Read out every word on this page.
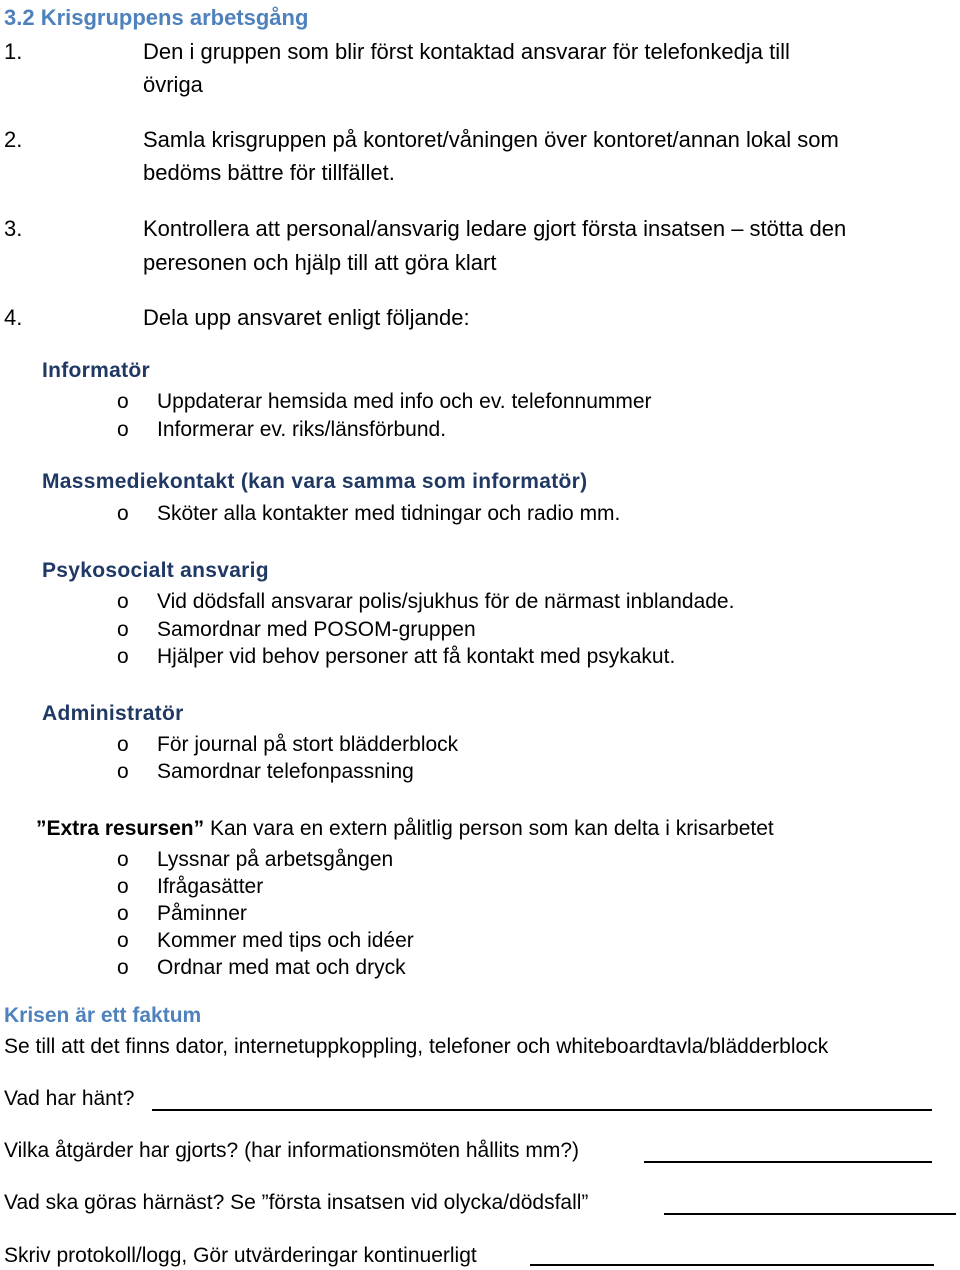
3.2 Krisgruppens arbetsgång
1.	Den i gruppen som blir först kontaktad ansvarar för telefonkedja till
övriga
2.	Samla krisgruppen på kontoret/våningen över kontoret/annan lokal som
bedöms bättre för tillfället.
3.	Kontrollera att personal/ansvarig ledare gjort första insatsen – stötta den
peresonen och hjälp till att göra klart
4.	Dela upp ansvaret enligt följande:
Informatör
o Uppdaterar hemsida med info och ev. telefonnummer
o Informerar ev. riks/länsförbund.
Massmediekontakt (kan vara samma som informatör)
o Sköter alla kontakter med tidningar och radio mm.
Psykosocialt ansvarig
o Vid dödsfall ansvarar polis/sjukhus för de närmast inblandade.
o Samordnar med POSOM-gruppen
o Hjälper vid behov personer att få kontakt med psykakut.
Administratör
o För journal på stort blädderblock
o Samordnar telefonpassning
”Extra resursen” Kan vara en extern pålitlig person som kan delta i krisarbetet
o Lyssnar på arbetsgången
o Ifrågasätter
o Påminner
o Kommer med tips och idéer
o Ordnar med mat och dryck
Krisen är ett faktum
Se till att det finns dator, internetuppkoppling, telefoner och whiteboardtavla/blädderblock
Vad har hänt?
Vilka åtgärder har gjorts? (har informationsmöten hållits mm?)
Vad ska göras härnäst? Se ”första insatsen vid olycka/dödsfall”
Skriv protokoll/logg, Gör utvärderingar kontinuerligt
